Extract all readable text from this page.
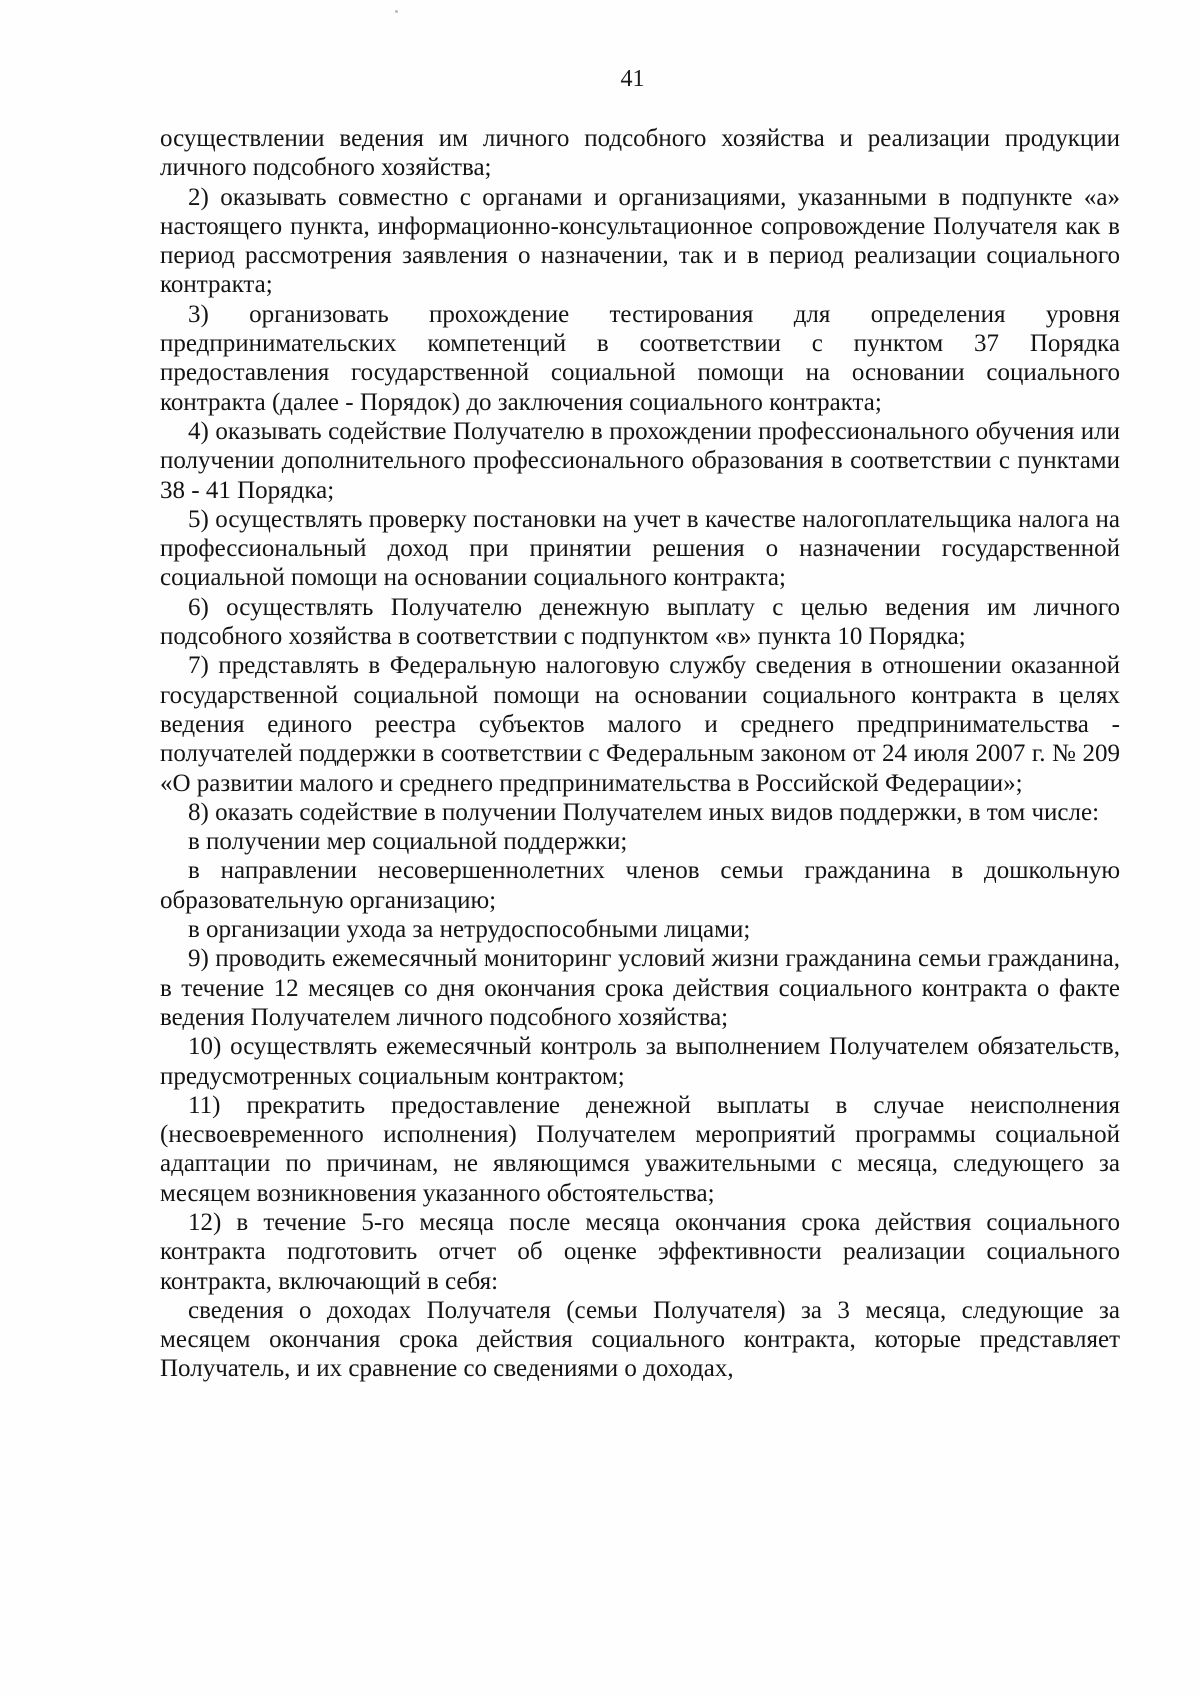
41

осуществлении ведения им личного подсобного хозяйства и реализации продукции личного подсобного хозяйства;

2) оказывать совместно с органами и организациями, указанными в подпункте «а» настоящего пункта, информационно-консультационное сопровождение Получателя как в период рассмотрения заявления о назначении, так и в период реализации социального контракта;

3) организовать прохождение тестирования для определения уровня предпринимательских компетенций в соответствии с пунктом 37 Порядка предоставления государственной социальной помощи на основании социального контракта (далее - Порядок) до заключения социального контракта;

4) оказывать содействие Получателю в прохождении профессионального обучения или получении дополнительного профессионального образования в соответствии с пунктами 38 - 41 Порядка;

5) осуществлять проверку постановки на учет в качестве налогоплательщика налога на профессиональный доход при принятии решения о назначении государственной социальной помощи на основании социального контракта;

6) осуществлять Получателю денежную выплату с целью ведения им личного подсобного хозяйства в соответствии с подпунктом «в» пункта 10 Порядка;

7) представлять в Федеральную налоговую службу сведения в отношении оказанной государственной социальной помощи на основании социального контракта в целях ведения единого реестра субъектов малого и среднего предпринимательства - получателей поддержки в соответствии с Федеральным законом от 24 июля 2007 г. № 209 «О развитии малого и среднего предпринимательства в Российской Федерации»;

8) оказать содействие в получении Получателем иных видов поддержки, в том числе:

в получении мер социальной поддержки;

в направлении несовершеннолетних членов семьи гражданина в дошкольную образовательную организацию;

в организации ухода за нетрудоспособными лицами;

9) проводить ежемесячный мониторинг условий жизни гражданина семьи гражданина, в течение 12 месяцев со дня окончания срока действия социального контракта о факте ведения Получателем личного подсобного хозяйства;

10) осуществлять ежемесячный контроль за выполнением Получателем обязательств, предусмотренных социальным контрактом;

11) прекратить предоставление денежной выплаты в случае неисполнения (несвоевременного исполнения) Получателем мероприятий программы социальной адаптации по причинам, не являющимся уважительными с месяца, следующего за месяцем возникновения указанного обстоятельства;

12) в течение 5-го месяца после месяца окончания срока действия социального контракта подготовить отчет об оценке эффективности реализации социального контракта, включающий в себя:

сведения о доходах Получателя (семьи Получателя) за 3 месяца, следующие за месяцем окончания срока действия социального контракта, которые представляет Получатель, и их сравнение со сведениями о доходах,
